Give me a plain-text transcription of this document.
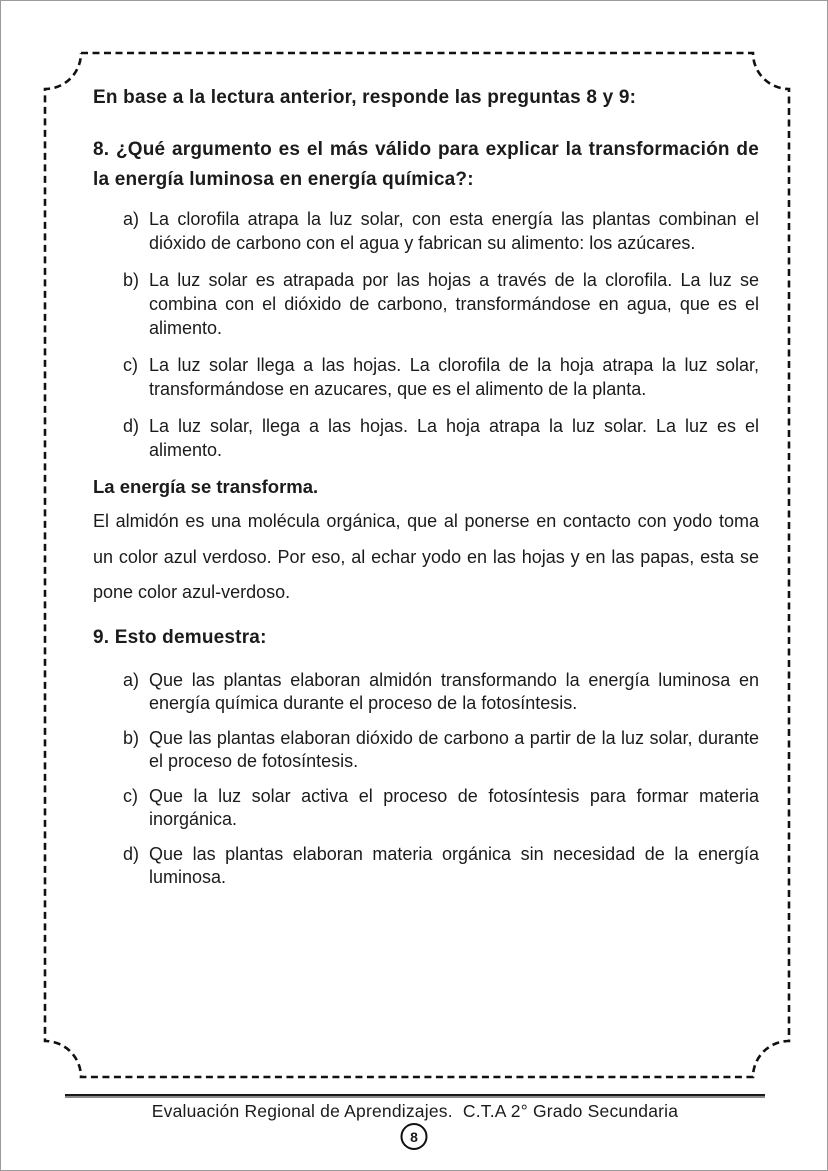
En base a la lectura anterior, responde las preguntas 8 y 9:

8. ¿Qué argumento es el más válido para explicar la transformación de la energía luminosa en energía química?:

a) La clorofila atrapa la luz solar, con esta energía las plantas combinan el dióxido de carbono con el agua y fabrican su alimento: los azúcares.
b) La luz solar es atrapada por las hojas a través de la clorofila. La luz se combina con el dióxido de carbono, transformándose en agua, que es el alimento.
c) La luz solar llega a las hojas. La clorofila de la hoja atrapa la luz solar, transformándose en azucares, que es el alimento de la planta.
d) La luz solar, llega a las hojas. La hoja atrapa la luz solar. La luz es el alimento.

La energía se transforma.

El almidón es una molécula orgánica, que al ponerse en contacto con yodo toma un color azul verdoso. Por eso, al echar yodo en las hojas y en las papas, esta se pone color azul-verdoso.

9. Esto demuestra:

a) Que las plantas elaboran almidón transformando la energía luminosa en energía química durante el proceso de la fotosíntesis.
b) Que las plantas elaboran dióxido de carbono a partir de la luz solar, durante el proceso de fotosíntesis.
c) Que la luz solar activa el proceso de fotosíntesis para formar materia inorgánica.
d) Que las plantas elaboran materia orgánica sin necesidad de la energía luminosa.
Evaluación Regional de Aprendizajes.  C.T.A 2° Grado Secundaria
8
